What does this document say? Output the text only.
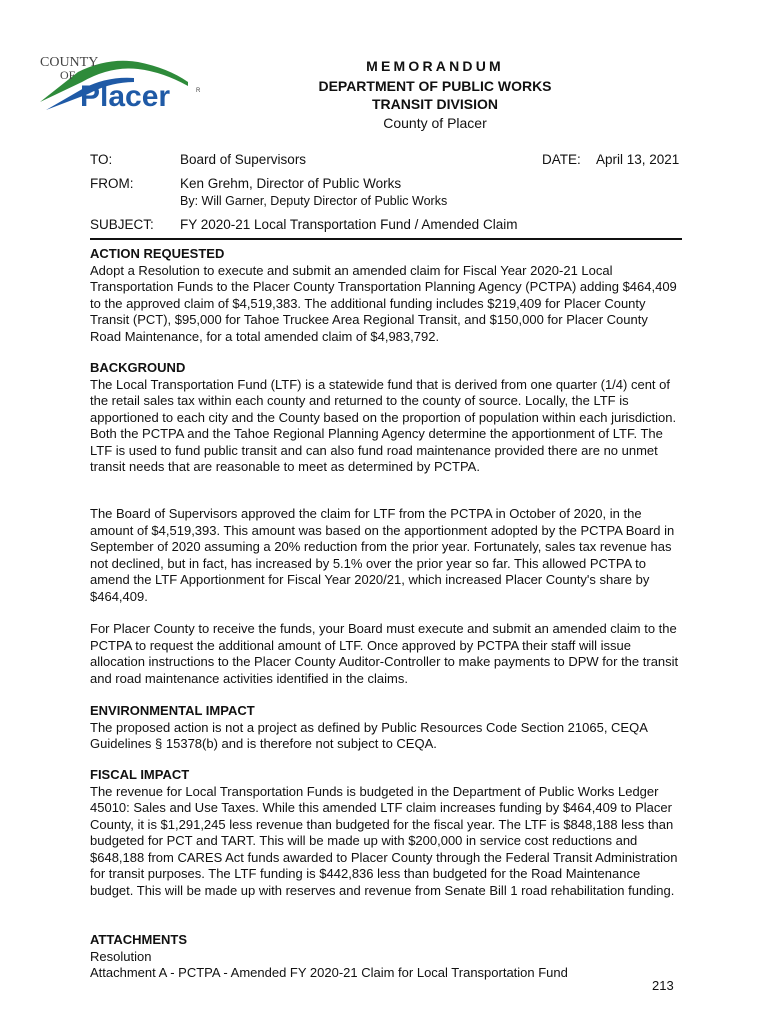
COUNTY
OF
Placer	R
MEMORANDUM
DEPARTMENT OF PUBLIC WORKS
TRANSIT DIVISION
County of Placer
TO:	Board of Supervisors	DATE: April 13, 2021
FROM:	Ken Grehm, Director of Public Works
By: Will Garner, Deputy Director of Public Works
SUBJECT: FY 2020-21 Local Transportation Fund / Amended Claim
ACTION REQUESTED

Adopt a Resolution to execute and submit an amended claim for Fiscal Year 2020-21 Local Transportation Funds to the Placer County Transportation Planning Agency (PCTPA) adding $464,409 to the approved claim of $4,519,383. The additional funding includes $219,409 for Placer County Transit (PCT), $95,000 for Tahoe Truckee Area Regional Transit, and $150,000 for Placer County Road Maintenance, for a total amended claim of $4,983,792.

BACKGROUND

The Local Transportation Fund (LTF) is a statewide fund that is derived from one quarter (1/4) cent of the retail sales tax within each county and returned to the county of source. Locally, the LTF is apportioned to each city and the County based on the proportion of population within each jurisdiction. Both the PCTPA and the Tahoe Regional Planning Agency determine the apportionment of LTF. The LTF is used to fund public transit and can also fund road maintenance provided there are no unmet transit needs that are reasonable to meet as determined by PCTPA.

The Board of Supervisors approved the claim for LTF from the PCTPA in October of 2020, in the amount of $4,519,393. This amount was based on the apportionment adopted by the PCTPA Board in September of 2020 assuming a 20% reduction from the prior year. Fortunately, sales tax revenue has not declined, but in fact, has increased by 5.1% over the prior year so far. This allowed PCTPA to amend the LTF Apportionment for Fiscal Year 2020/21, which increased Placer County's share by $464,409.

For Placer County to receive the funds, your Board must execute and submit an amended claim to the PCTPA to request the additional amount of LTF. Once approved by PCTPA their staff will issue allocation instructions to the Placer County Auditor-Controller to make payments to DPW for the transit and road maintenance activities identified in the claims.

ENVIRONMENTAL IMPACT

The proposed action is not a project as defined by Public Resources Code Section 21065, CEQA Guidelines § 15378(b) and is therefore not subject to CEQA.

FISCAL IMPACT

The revenue for Local Transportation Funds is budgeted in the Department of Public Works Ledger 45010: Sales and Use Taxes. While this amended LTF claim increases funding by $464,409 to Placer County, it is $1,291,245 less revenue than budgeted for the fiscal year. The LTF is $848,188 less than budgeted for PCT and TART. This will be made up with $200,000 in service cost reductions and $648,188 from CARES Act funds awarded to Placer County through the Federal Transit Administration for transit purposes. The LTF funding is $442,836 less than budgeted for the Road Maintenance budget. This will be made up with reserves and revenue from Senate Bill 1 road rehabilitation funding.

ATTACHMENTS
Resolution
Attachment A - PCTPA - Amended FY 2020-21 Claim for Local Transportation Fund
213
